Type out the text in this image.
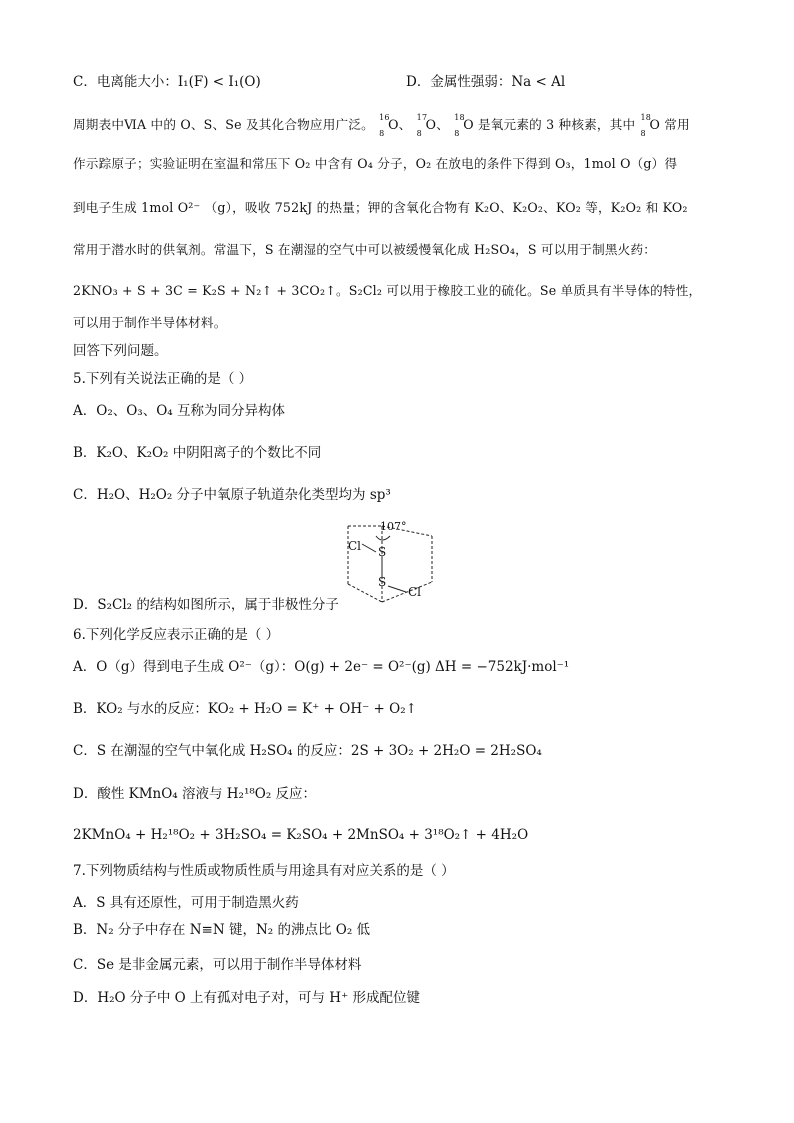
C．电离能大小：I₁(F) < I₁(O)	D．金属性强弱：Na < Al
周期表中ⅥA 中的 O、S、Se 及其化合物应用广泛。 16
8
O、 17
8
O、 18
8
O 是氧元素的 3 种核素，其中 18
8
O 常用
作示踪原子；实验证明在室温和常压下 O₂ 中含有 O₄ 分子，O₂ 在放电的条件下得到 O₃，1mol O（g）得
到电子生成 1mol O²⁻ （g），吸收 752kJ 的热量；钾的含氧化合物有 K₂O、K₂O₂、KO₂ 等，K₂O₂ 和 KO₂
常用于潜水时的供氧剂。常温下，S 在潮湿的空气中可以被缓慢氧化成 H₂SO₄，S 可以用于制黑火药：
2KNO₃ + S + 3C = K₂S + N₂↑ + 3CO₂↑。S₂Cl₂ 可以用于橡胶工业的硫化。Se 单质具有半导体的特性，
可以用于制作半导体材料。
回答下列问题。
5.下列有关说法正确的是（ ）
A．O₂、O₃、O₄ 互称为同分异构体
B．K₂O、K₂O₂ 中阴阳离子的个数比不同
C．H₂O、H₂O₂ 分子中氧原子轨道杂化类型均为 sp³
107°
Cl S
S
Cl
D．S₂Cl₂ 的结构如图所示，属于非极性分子
6.下列化学反应表示正确的是（ ）
A．O（g）得到电子生成 O²⁻（g）：O(g) + 2e⁻ = O²⁻(g) ΔH = −752kJ·mol⁻¹
B．KO₂ 与水的反应：KO₂ + H₂O = K⁺ + OH⁻ + O₂↑
C．S 在潮湿的空气中氧化成 H₂SO₄ 的反应：2S + 3O₂ + 2H₂O = 2H₂SO₄
D．酸性 KMnO₄ 溶液与 H₂¹⁸O₂ 反应：
2KMnO₄ + H₂¹⁸O₂ + 3H₂SO₄ = K₂SO₄ + 2MnSO₄ + 3¹⁸O₂↑ + 4H₂O
7.下列物质结构与性质或物质性质与用途具有对应关系的是（ ）
A．S 具有还原性，可用于制造黑火药
B．N₂ 分子中存在 N≡N 键，N₂ 的沸点比 O₂ 低
C．Se 是非金属元素，可以用于制作半导体材料
D．H₂O 分子中 O 上有孤对电子对，可与 H⁺ 形成配位键
